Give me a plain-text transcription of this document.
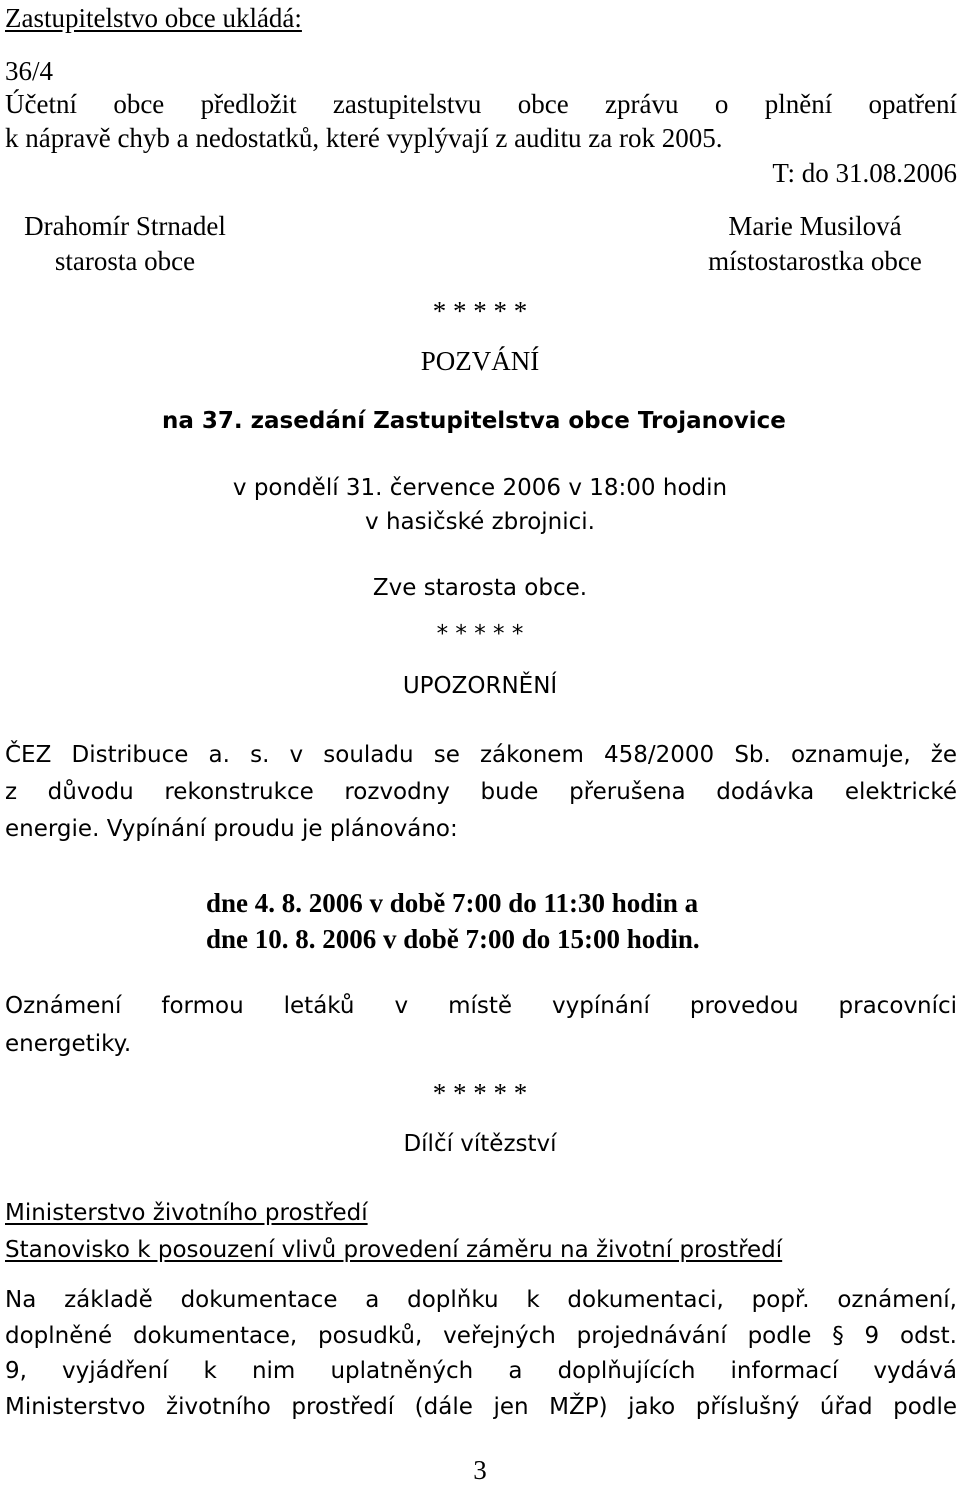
Zastupitelstvo obce ukládá:
36/4
Účetní obce předložit zastupitelstvu obce zprávu o plnění opatření
k nápravě chyb a nedostatků, které vyplývají z auditu za rok 2005.
T: do 31.08.2006
Drahomír Strnadel
starosta obce
Marie Musilová
místostarostka obce
* * * * *
POZVÁNÍ
na 37. zasedání Zastupitelstva obce Trojanovice
v pondělí 31. července 2006 v 18:00 hodin
v hasičské zbrojnici.
Zve starosta obce.
* * * * *
UPOZORNĚNÍ
ČEZ Distribuce a. s. v souladu se zákonem 458/2000 Sb. oznamuje, že
z důvodu rekonstrukce rozvodny bude přerušena dodávka elektrické
energie. Vypínání proudu je plánováno:
dne 4. 8. 2006 v době 7:00 do 11:30 hodin a
dne 10. 8. 2006 v době 7:00 do 15:00 hodin.
Oznámení formou letáků v místě vypínání provedou pracovníci
energetiky.
* * * * *
Dílčí vítězství
Ministerstvo životního prostředí
Stanovisko k posouzení vlivů provedení záměru na životní prostředí
Na základě dokumentace a doplňku k dokumentaci, popř. oznámení,
doplněné dokumentace, posudků, veřejných projednávání podle § 9 odst.
9, vyjádření k nim uplatněných a doplňujících informací vydává
Ministerstvo životního prostředí (dále jen MŽP) jako příslušný úřad podle
3
